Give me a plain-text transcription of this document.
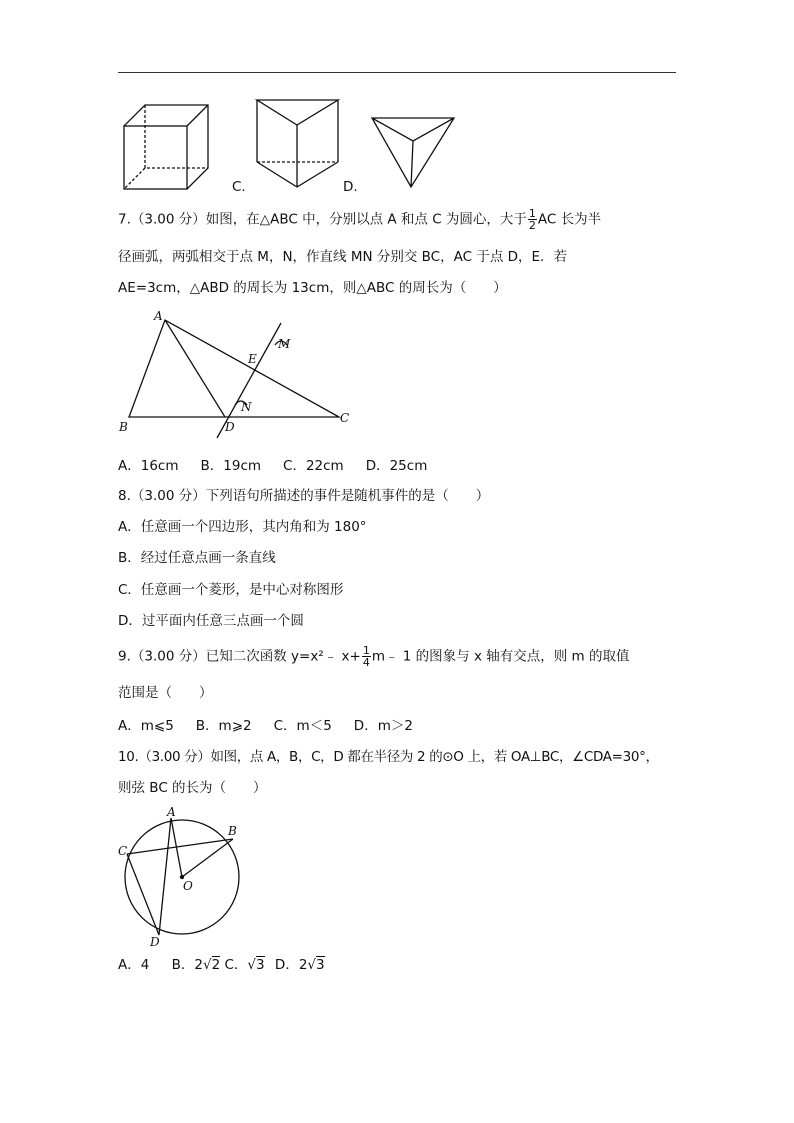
C.	D.
7.（3.00 分）如图，在△ABC 中，分别以点 A 和点 C 为圆心，大于 $\frac{1}{2}$ AC 长为半
径画弧，两弧相交于点 M，N，作直线 MN 分别交 BC，AC 于点 D，E．若
AE=3cm，△ABD 的周长为 13cm，则△ABC 的周长为（　　）
A
B
C
D
E
M
N
A．16cm B．19cm C．22cm D．25cm
8.（3.00 分）下列语句所描述的事件是随机事件的是（　　）
A．任意画一个四边形，其内角和为 180°
B．经过任意点画一条直线
C．任意画一个菱形，是中心对称图形
D．过平面内任意三点画一个圆
9.（3.00 分）已知二次函数 y=x²﹣ $x+ \frac{1}{4}$ m﹣ 1 的图象与 x 轴有交点，则 m 的取值
范围是（　　）
A．m⩽5 B．m⩾2 C．m＜5 D．m＞2
10.（3.00 分）如图，点 A，B，C，D 都在半径为 2 的⊙O 上，若 OA⊥BC，∠CDA=30°，
则弦 BC 的长为（　　）
A
B
C
D
O
A．4 B．2√2 C．√3 D．2√3
